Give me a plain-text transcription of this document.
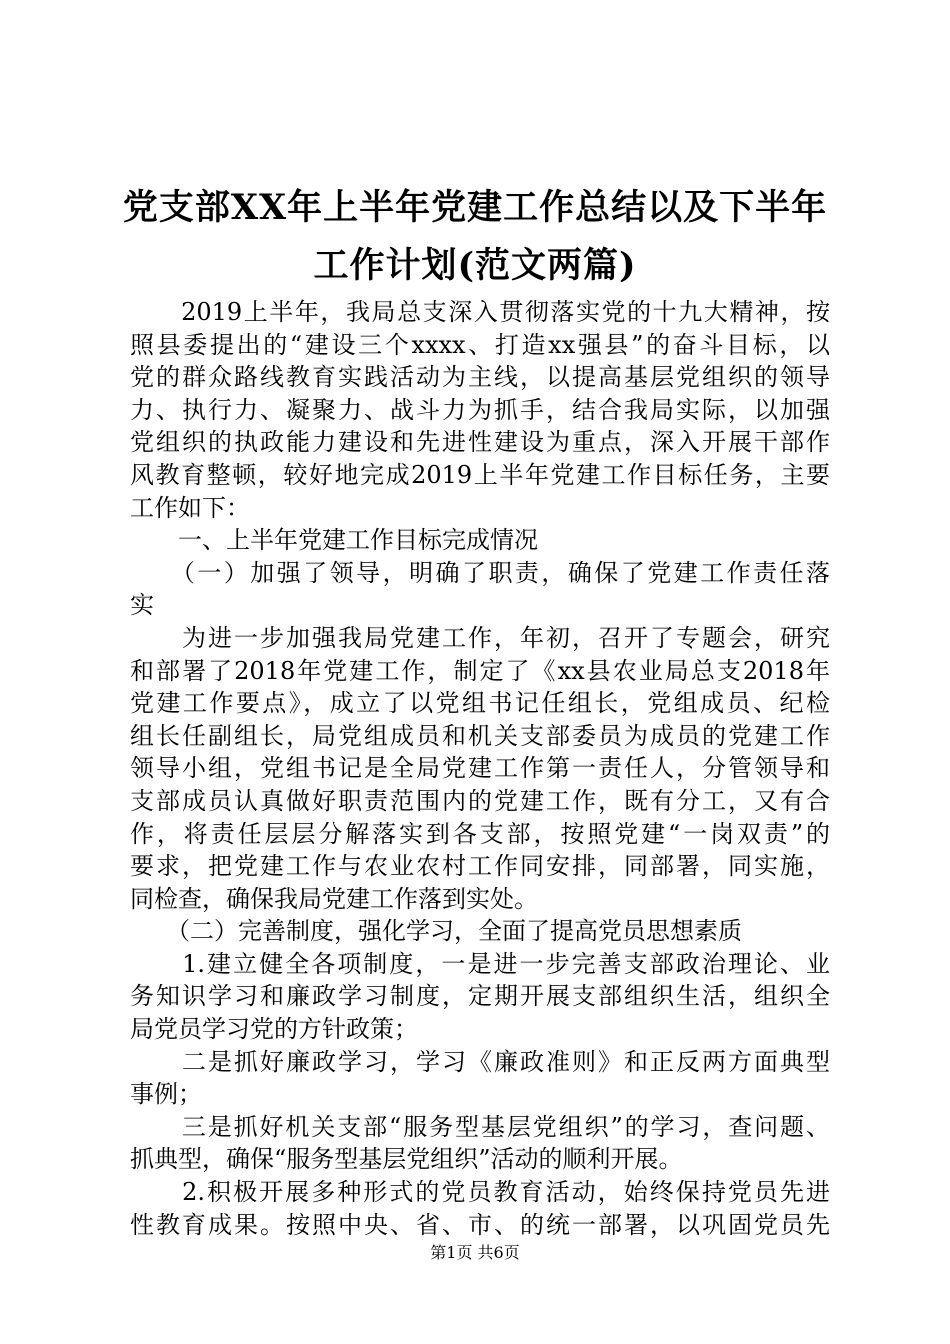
党支部XX年上半年党建工作总结以及下半年
工作计划(范文两篇)
　　2019上半年，我局总支深入贯彻落实党的十九大精神，按
照县委提出的“建设三个xxxx、打造xx强县”的奋斗目标，以
党的群众路线教育实践活动为主线，以提高基层党组织的领导
力、执行力、凝聚力、战斗力为抓手，结合我局实际，以加强
党组织的执政能力建设和先进性建设为重点，深入开展干部作
风教育整顿，较好地完成2019上半年党建工作目标任务，主要
工作如下：
　　一、上半年党建工作目标完成情况
　　（一）加强了领导，明确了职责，确保了党建工作责任落
实
　　为进一步加强我局党建工作，年初，召开了专题会，研究
和部署了2018年党建工作，制定了《xx县农业局总支2018年
党建工作要点》，成立了以党组书记任组长，党组成员、纪检
组长任副组长，局党组成员和机关支部委员为成员的党建工作
领导小组，党组书记是全局党建工作第一责任人，分管领导和
支部成员认真做好职责范围内的党建工作，既有分工，又有合
作，将责任层层分解落实到各支部，按照党建“一岗双责”的
要求，把党建工作与农业农村工作同安排，同部署，同实施，
同检查，确保我局党建工作落到实处。
　　（二）完善制度，强化学习，全面了提高党员思想素质
　　1.建立健全各项制度，一是进一步完善支部政治理论、业
务知识学习和廉政学习制度，定期开展支部组织生活，组织全
局党员学习党的方针政策；
　　二是抓好廉政学习，学习《廉政准则》和正反两方面典型
事例；
　　三是抓好机关支部“服务型基层党组织”的学习，查问题、
抓典型，确保“服务型基层党组织”活动的顺利开展。
　　2.积极开展多种形式的党员教育活动，始终保持党员先进
性教育成果。按照中央、省、市、的统一部署，以巩固党员先
第1页 共6页
